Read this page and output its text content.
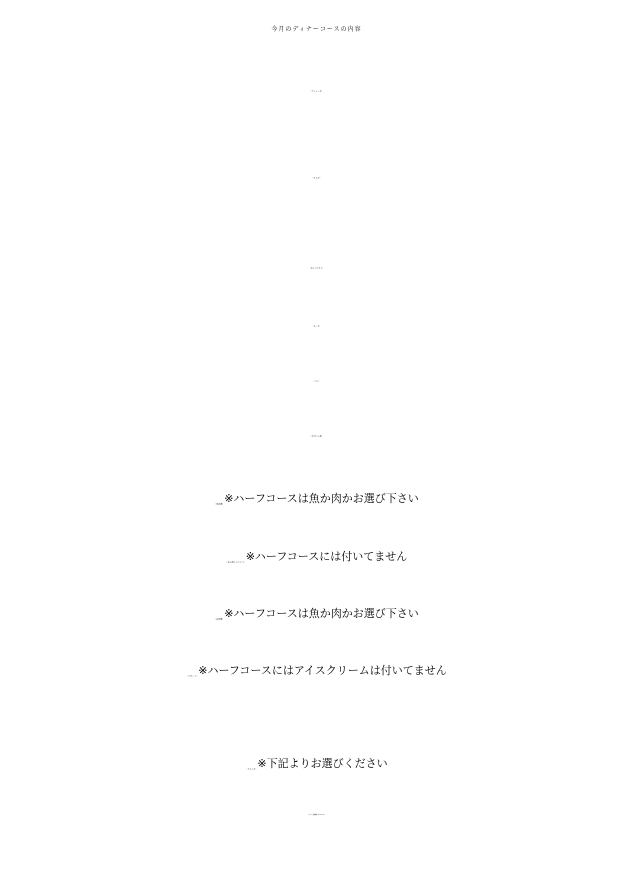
今月のディナーコースの内容
〈アミューズ〉
〈サラダ〉
〈カルパッチョ〉
〈スープ〉
〈パン〉
〈今日の１品〉
〈魚料理〉※ハーフコースは魚か肉かお選び下さい
〈お口直しのソルベ〉※ハーフコースには付いてません
〈肉料理〉※ハーフコースは魚か肉かお選び下さい
〈デザート〉※ハーフコースにはアイスクリームは付いてません
〈ドリンク〉※下記よりお選びください
［ディナー営業時間：18:00〜21:30］
